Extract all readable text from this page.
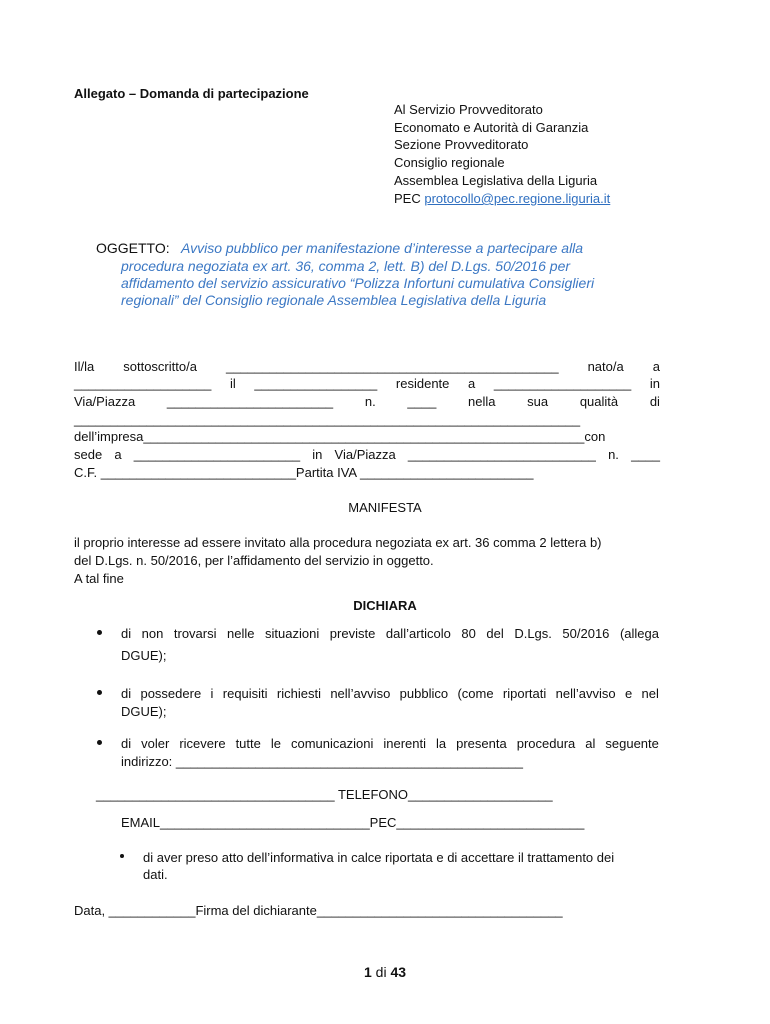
Allegato – Domanda di partecipazione
Al Servizio Provveditorato
Economato e Autorità di Garanzia
Sezione Provveditorato
Consiglio regionale
Assemblea Legislativa della Liguria
PEC protocollo@pec.regione.liguria.it
OGGETTO: Avviso pubblico per manifestazione d’interesse a partecipare alla
procedura negoziata ex art. 36, comma 2, lett. B) del D.Lgs. 50/2016 per
affidamento del servizio assicurativo “Polizza Infortuni cumulativa Consiglieri
regionali” del Consiglio regionale Assemblea Legislativa della Liguria
Il/la sottoscritto/a ______________________________________________ nato/a a
___________________ il _________________ residente a ___________________ in
Via/Piazza _______________________ n. ____ nella sua qualità di
______________________________________________________________________
dell’impresa_____________________________________________________________con
sede a _______________________ in Via/Piazza __________________________ n. ____
C.F. ___________________________Partita IVA ________________________
MANIFESTA
il proprio interesse ad essere invitato alla procedura negoziata ex art. 36 comma 2 lettera b)
del D.Lgs. n. 50/2016, per l’affidamento del servizio in oggetto.
A tal fine
DICHIARA
di non trovarsi nelle situazioni previste dall’articolo 80 del D.Lgs. 50/2016 (allega
DGUE);
di possedere i requisiti richiesti nell’avviso pubblico (come riportati nell’avviso e nel
DGUE);
di voler ricevere tutte le comunicazioni inerenti la presenta procedura al seguente
indirizzo: ________________________________________________
_________________________________ TELEFONO____________________
EMAIL_____________________________PEC__________________________
di aver preso atto dell’informativa in calce riportata e di accettare il trattamento dei
dati.
Data, ____________Firma del dichiarante__________________________________
1 di 43
